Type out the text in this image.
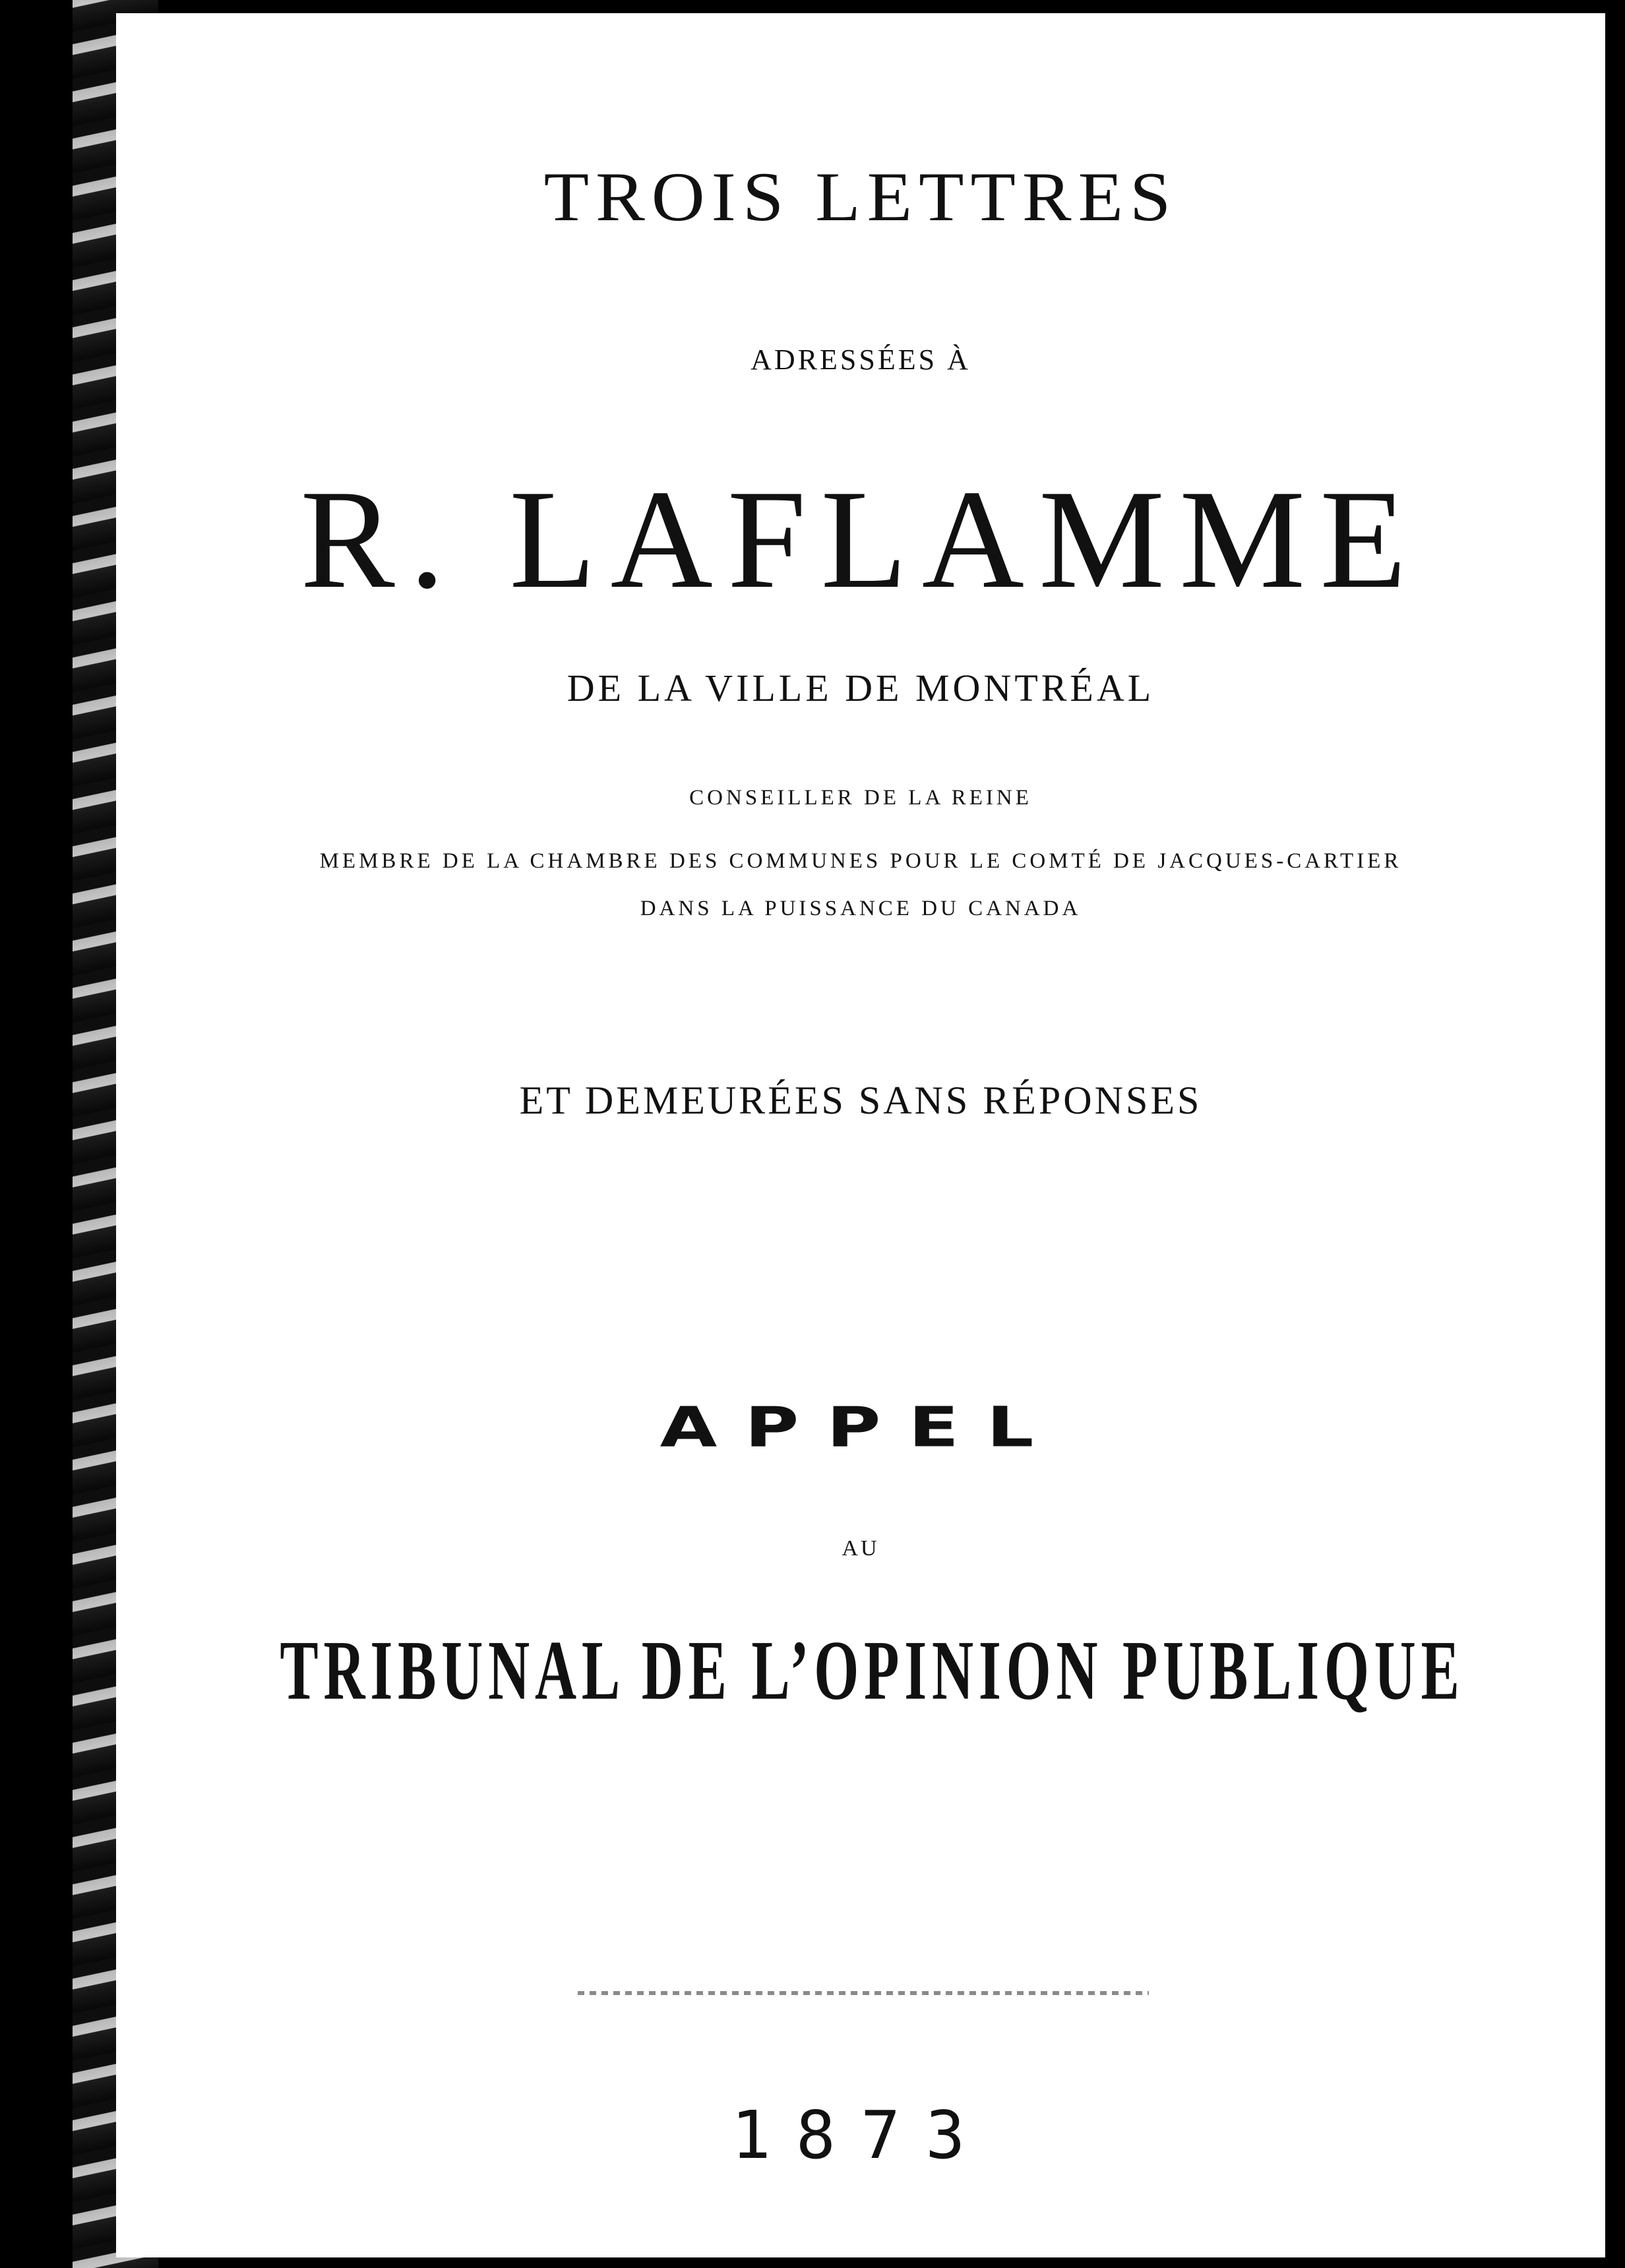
TROIS LETTRES
ADRESSÉES À
R. LAFLAMME
DE LA VILLE DE MONTRÉAL
CONSEILLER DE LA REINE
MEMBRE DE LA CHAMBRE DES COMMUNES POUR LE COMTÉ DE JACQUES-CARTIER
DANS LA PUISSANCE DU CANADA
ET DEMEURÉES SANS RÉPONSES
APPEL
AU
TRIBUNAL DE L’OPINION PUBLIQUE
1873
